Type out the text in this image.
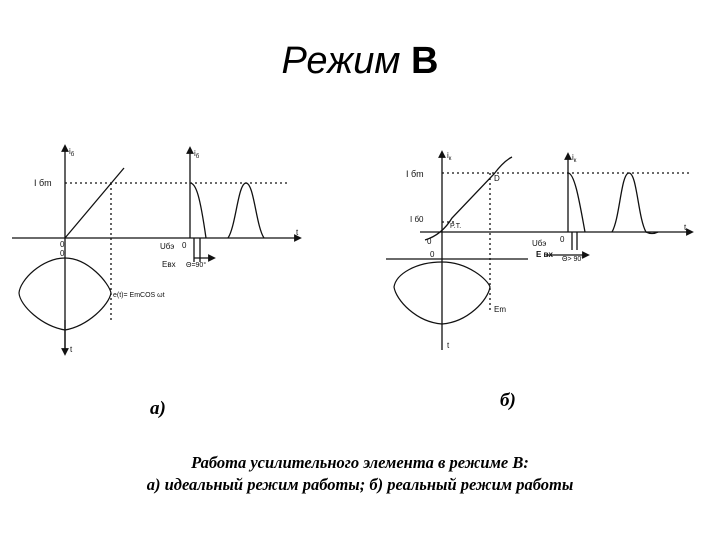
Режим B
$i_б$	$i_б$
I бm
0
0
0
Uбэ
Eвх Θ=90°
t
t
e(t)= EmCOS ωt
$i_к$	$i_к$
I бm
I б0
D
P.T.
0
0
0
Uбэ
E вх
Θ> 90°
Em
t
t
а)	б)
Работа усилительного элемента в режиме B:
а) идеальный режим работы; б) реальный режим работы
